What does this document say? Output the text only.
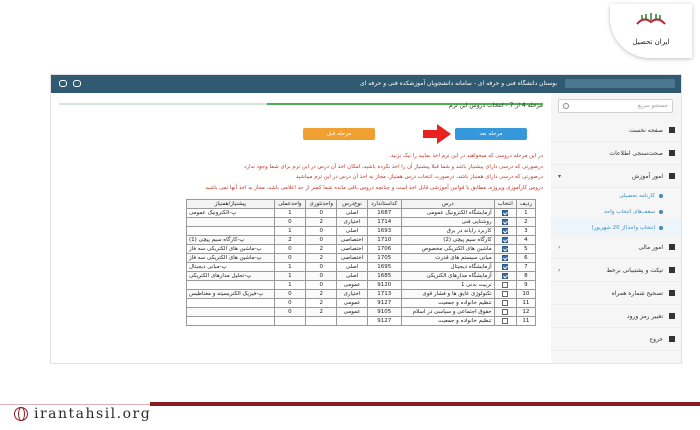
ایران تحصیل
بوستان دانشگاه فنی و حرفه ای - سامانه دانشجویان آموزشکده فنی و حرفه ای
جستجو سریع
صفحه نخست
صحت‌سنجی اطلاعات
امور آموزش
▾
کارنامه تحصیلی
سقف‌های انتخاب واحد
انتخاب واحد(از 20 شهریور)
امور مالی
‹
تیکت و پشتیبانی برخط
‹
تصحیح شماره همراه
تغییر رمز ورود
خروج
مرحله 4 از 7 - انتخاب دروس این ترم
مرحله بعد
مرحله قبل
در این مرحله دروسی که میخواهید در این ترم اخذ نمایید را تیک بزنید.
درصورتی که درسی دارای پیشنیاز باشد و شما قبلا پیشنیاز آن را اخذ نکرده باشید، امکان اخذ آن درس در این ترم برای شما وجود ندارد
درصورتی که درسی دارای همنیاز باشد، درصورت انتخاب درس همنیاز، مجاز به اخذ آن درس در این ترم میباشید
دروس کارآموزی وپروژه، مطابق با قوانین آموزشی قابل اخذ است و چنانچه دروس باقی مانده شما کمتر از حد اعلامی باشد، مجاز به اخذ آنها نمی باشید
ردیف	انتخاب	درس	کداستاندارد	نوع‌درس	واحدتئوری	واحدعملی	پیشنیاز/همنیاز
1		آزمایشگاه الکترونیک عمومی	1687	اصلی	0	1	پ-الکترونیک عمومی
2		روشنایی فنی	1714	اختیاری	2	0	
3		کاربرد رایانه در برق	1693	اصلی	0	1	
4		کارگاه سیم پیچی (2)	1710	اختصاصی	0	2	پ-کارگاه سیم پیچی (1)
5		ماشین های الکتریکی مخصوص	1706	اختصاصی	2	0	پ-ماشین های الکتریکی سه فاز
6		مبانی سیستم های قدرت	1705	اختصاصی	2	0	پ-ماشین های الکتریکی سه فاز
7		آزمایشگاه دیجیتال	1695	اصلی	0	1	پ-مبانی دیجیتال
8		آزمایشگاه مدارهای الکتریکی	1685	اصلی	0	1	پ-تحلیل مدارهای الکتریکی
9		تربیت بدنی 1	9120	عمومی	0	1	
10		تکنولوژی عایق ها و فشار قوی	1713	اختیاری	2	0	پ-فیزیک الکتریسیته و مغناطیس
11		تنظیم خانواده و جمعیت	9127	عمومی	2	0	
12		حقوق اجتماعی و سیاسی در اسلام	9105	عمومی	2	0	
11		تنظیم خانواده و جمعیت	9127				
irantahsil.org
